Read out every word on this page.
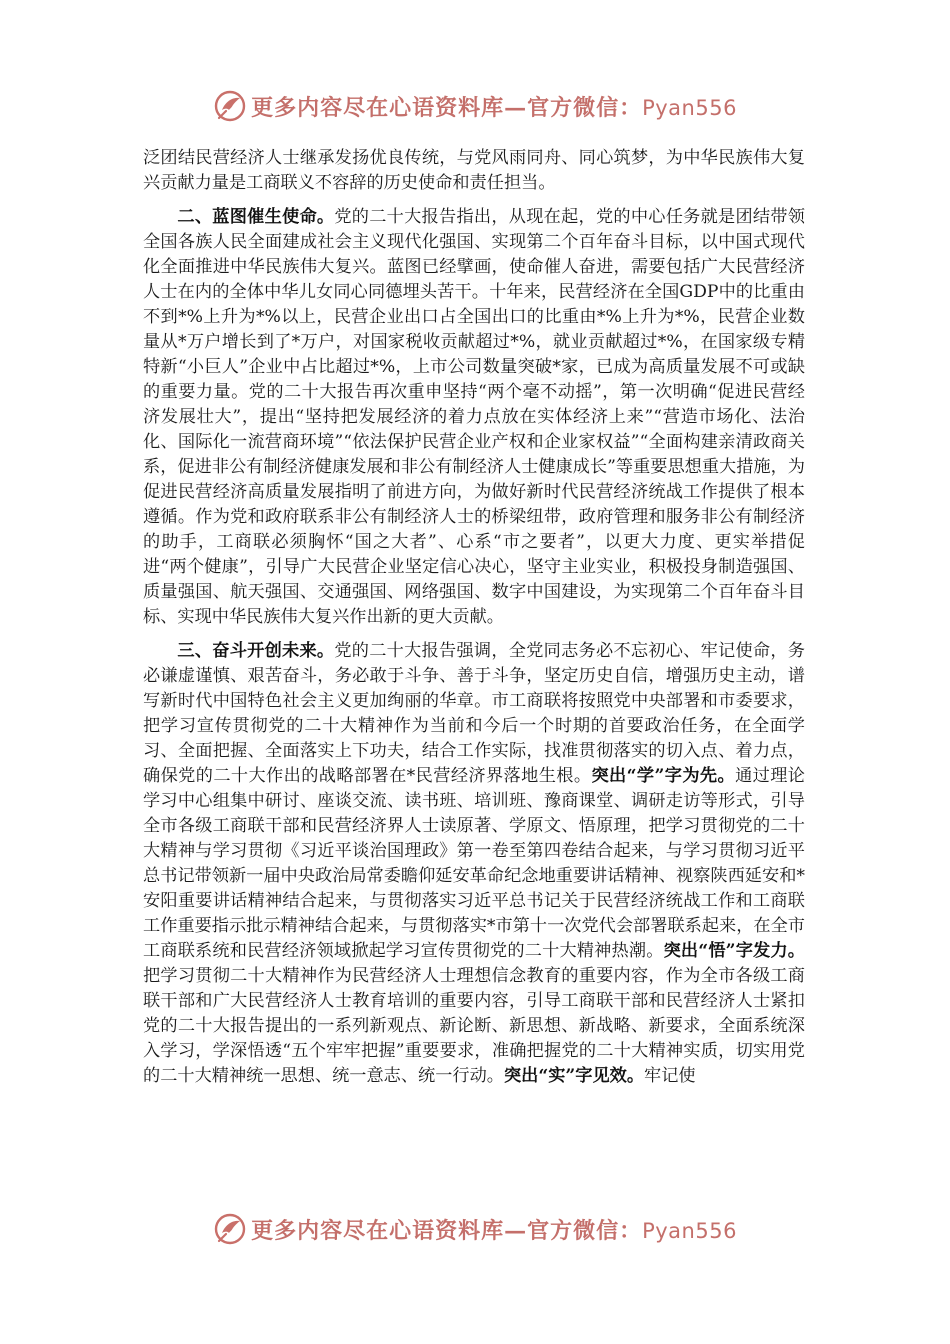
更多内容尽在心语资料库—官方微信：Pyan556

泛团结民营经济人士继承发扬优良传统，与党风雨同舟、同心筑梦，为中华民族伟大复兴贡献力量是工商联义不容辞的历史使命和责任担当。

二、蓝图催生使命。党的二十大报告指出，从现在起，党的中心任务就是团结带领全国各族人民全面建成社会主义现代化强国、实现第二个百年奋斗目标，以中国式现代化全面推进中华民族伟大复兴。蓝图已经擘画，使命催人奋进，需要包括广大民营经济人士在内的全体中华儿女同心同德埋头苦干。十年来，民营经济在全国GDP中的比重由不到*%上升为*%以上，民营企业出口占全国出口的比重由*%上升为*%，民营企业数量从*万户增长到了*万户，对国家税收贡献超过*%，就业贡献超过*%，在国家级专精特新“小巨人”企业中占比超过*%，上市公司数量突破*家，已成为高质量发展不可或缺的重要力量。党的二十大报告再次重申坚持“两个毫不动摇”，第一次明确“促进民营经济发展壮大”，提出“坚持把发展经济的着力点放在实体经济上来”“营造市场化、法治化、国际化一流营商环境”“依法保护民营企业产权和企业家权益”“全面构建亲清政商关系，促进非公有制经济健康发展和非公有制经济人士健康成长”等重要思想重大措施，为促进民营经济高质量发展指明了前进方向，为做好新时代民营经济统战工作提供了根本遵循。作为党和政府联系非公有制经济人士的桥梁纽带，政府管理和服务非公有制经济的助手，工商联必须胸怀“国之大者”、心系“市之要者”，以更大力度、更实举措促进“两个健康”，引导广大民营企业坚定信心决心，坚守主业实业，积极投身制造强国、质量强国、航天强国、交通强国、网络强国、数字中国建设，为实现第二个百年奋斗目标、实现中华民族伟大复兴作出新的更大贡献。

三、奋斗开创未来。党的二十大报告强调，全党同志务必不忘初心、牢记使命，务必谦虚谨慎、艰苦奋斗，务必敢于斗争、善于斗争，坚定历史自信，增强历史主动，谱写新时代中国特色社会主义更加绚丽的华章。市工商联将按照党中央部署和市委要求，把学习宣传贯彻党的二十大精神作为当前和今后一个时期的首要政治任务，在全面学习、全面把握、全面落实上下功夫，结合工作实际，找准贯彻落实的切入点、着力点，确保党的二十大作出的战略部署在*民营经济界落地生根。突出“学”字为先。通过理论学习中心组集中研讨、座谈交流、读书班、培训班、豫商课堂、调研走访等形式，引导全市各级工商联干部和民营经济界人士读原著、学原文、悟原理，把学习贯彻党的二十大精神与学习贯彻《习近平谈治国理政》第一卷至第四卷结合起来，与学习贯彻习近平总书记带领新一届中央政治局常委瞻仰延安革命纪念地重要讲话精神、视察陕西延安和*安阳重要讲话精神结合起来，与贯彻落实习近平总书记关于民营经济统战工作和工商联工作重要指示批示精神结合起来，与贯彻落实*市第十一次党代会部署联系起来，在全市工商联系统和民营经济领域掀起学习宣传贯彻党的二十大精神热潮。突出“悟”字发力。把学习贯彻二十大精神作为民营经济人士理想信念教育的重要内容，作为全市各级工商联干部和广大民营经济人士教育培训的重要内容，引导工商联干部和民营经济人士紧扣党的二十大报告提出的一系列新观点、新论断、新思想、新战略、新要求，全面系统深入学习，学深悟透“五个牢牢把握”重要要求，准确把握党的二十大精神实质，切实用党的二十大精神统一思想、统一意志、统一行动。突出“实”字见效。牢记使

更多内容尽在心语资料库—官方微信：Pyan556
